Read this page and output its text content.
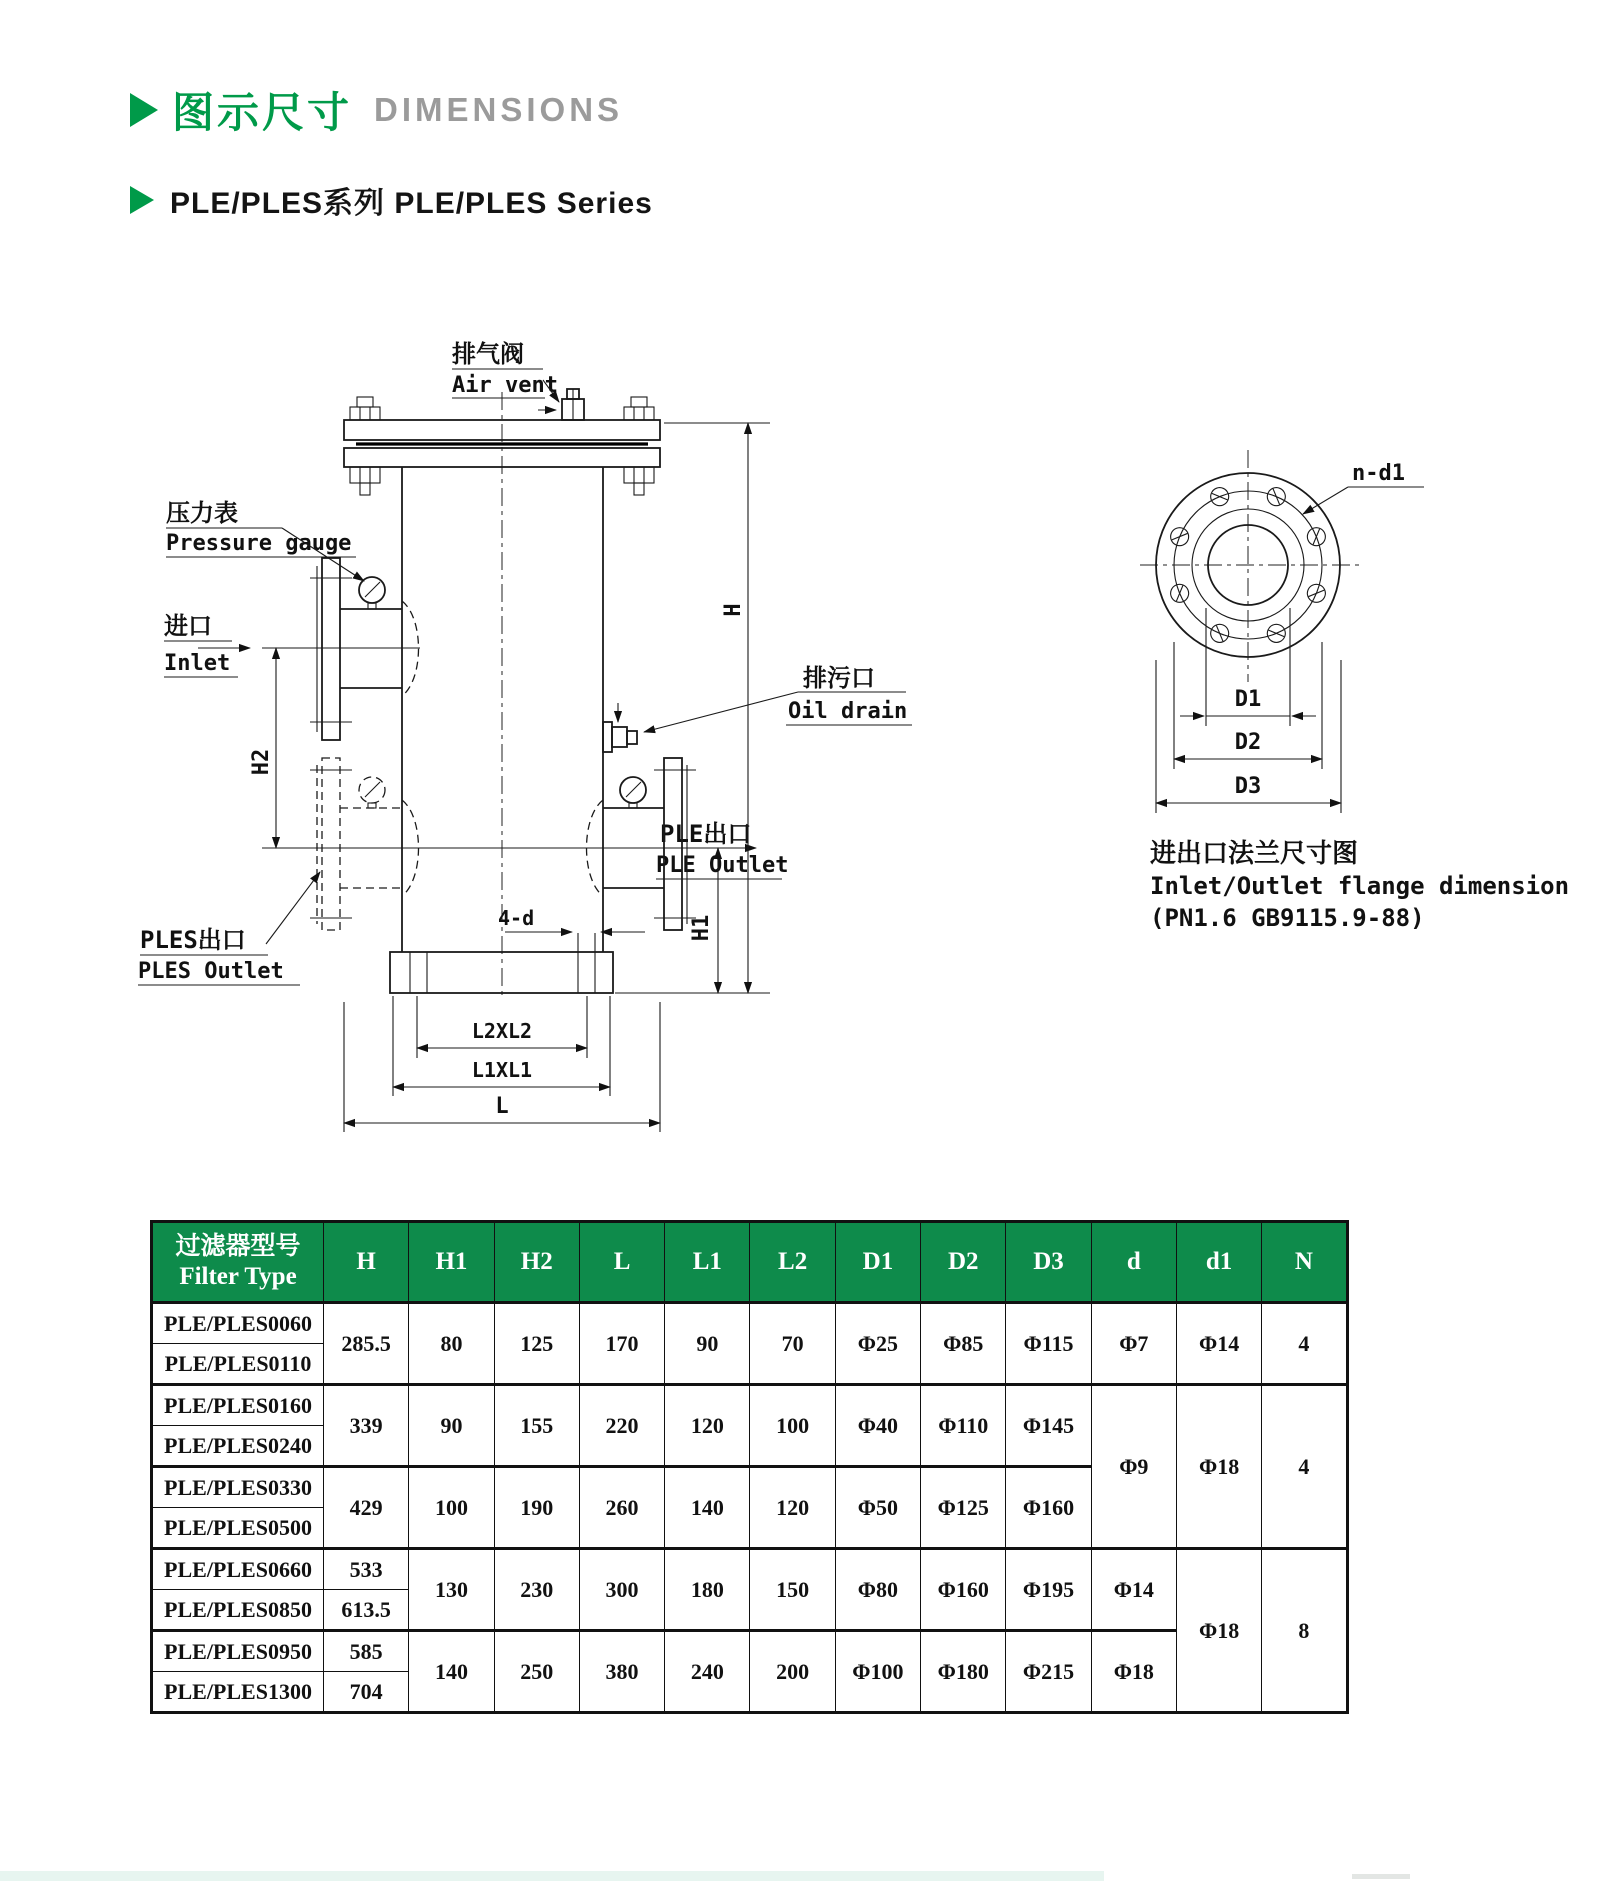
排气阀
Air vent
压力表
Pressure gauge
进口
Inlet
H2
PLE出口
PLE Outlet
PLES出口
PLES Outlet
排污口
Oil drain
4-d
H
H1
L2XL2
L1XL1
L
n-d1
D1
D2
D3
进出口法兰尺寸图
Inlet/Outlet flange dimension
(PN1.6 GB9115.9-88)
图示尺寸 DIMENSIONS
PLE/PLES系列 PLE/PLES Series
过滤器型号
Filter Type	H	H1	H2	L	L1	L2	D1	D2	D3	d	d1	N
PLE/PLES0060	285.5	80	125	170	90	70	Φ25	Φ85	Φ115	Φ7	Φ14	4
PLE/PLES0110												
PLE/PLES0160	339	90	155	220	120	100	Φ40	Φ110	Φ145	Φ9	Φ18	4
PLE/PLES0240												
PLE/PLES0330	429	100	190	260	140	120	Φ50	Φ125	Φ160			
PLE/PLES0500												
PLE/PLES0660	533	130	230	300	180	150	Φ80	Φ160	Φ195	Φ14	Φ18	8
PLE/PLES0850	613.5											
PLE/PLES0950	585	140	250	380	240	200	Φ100	Φ180	Φ215	Φ18		
PLE/PLES1300	704											
